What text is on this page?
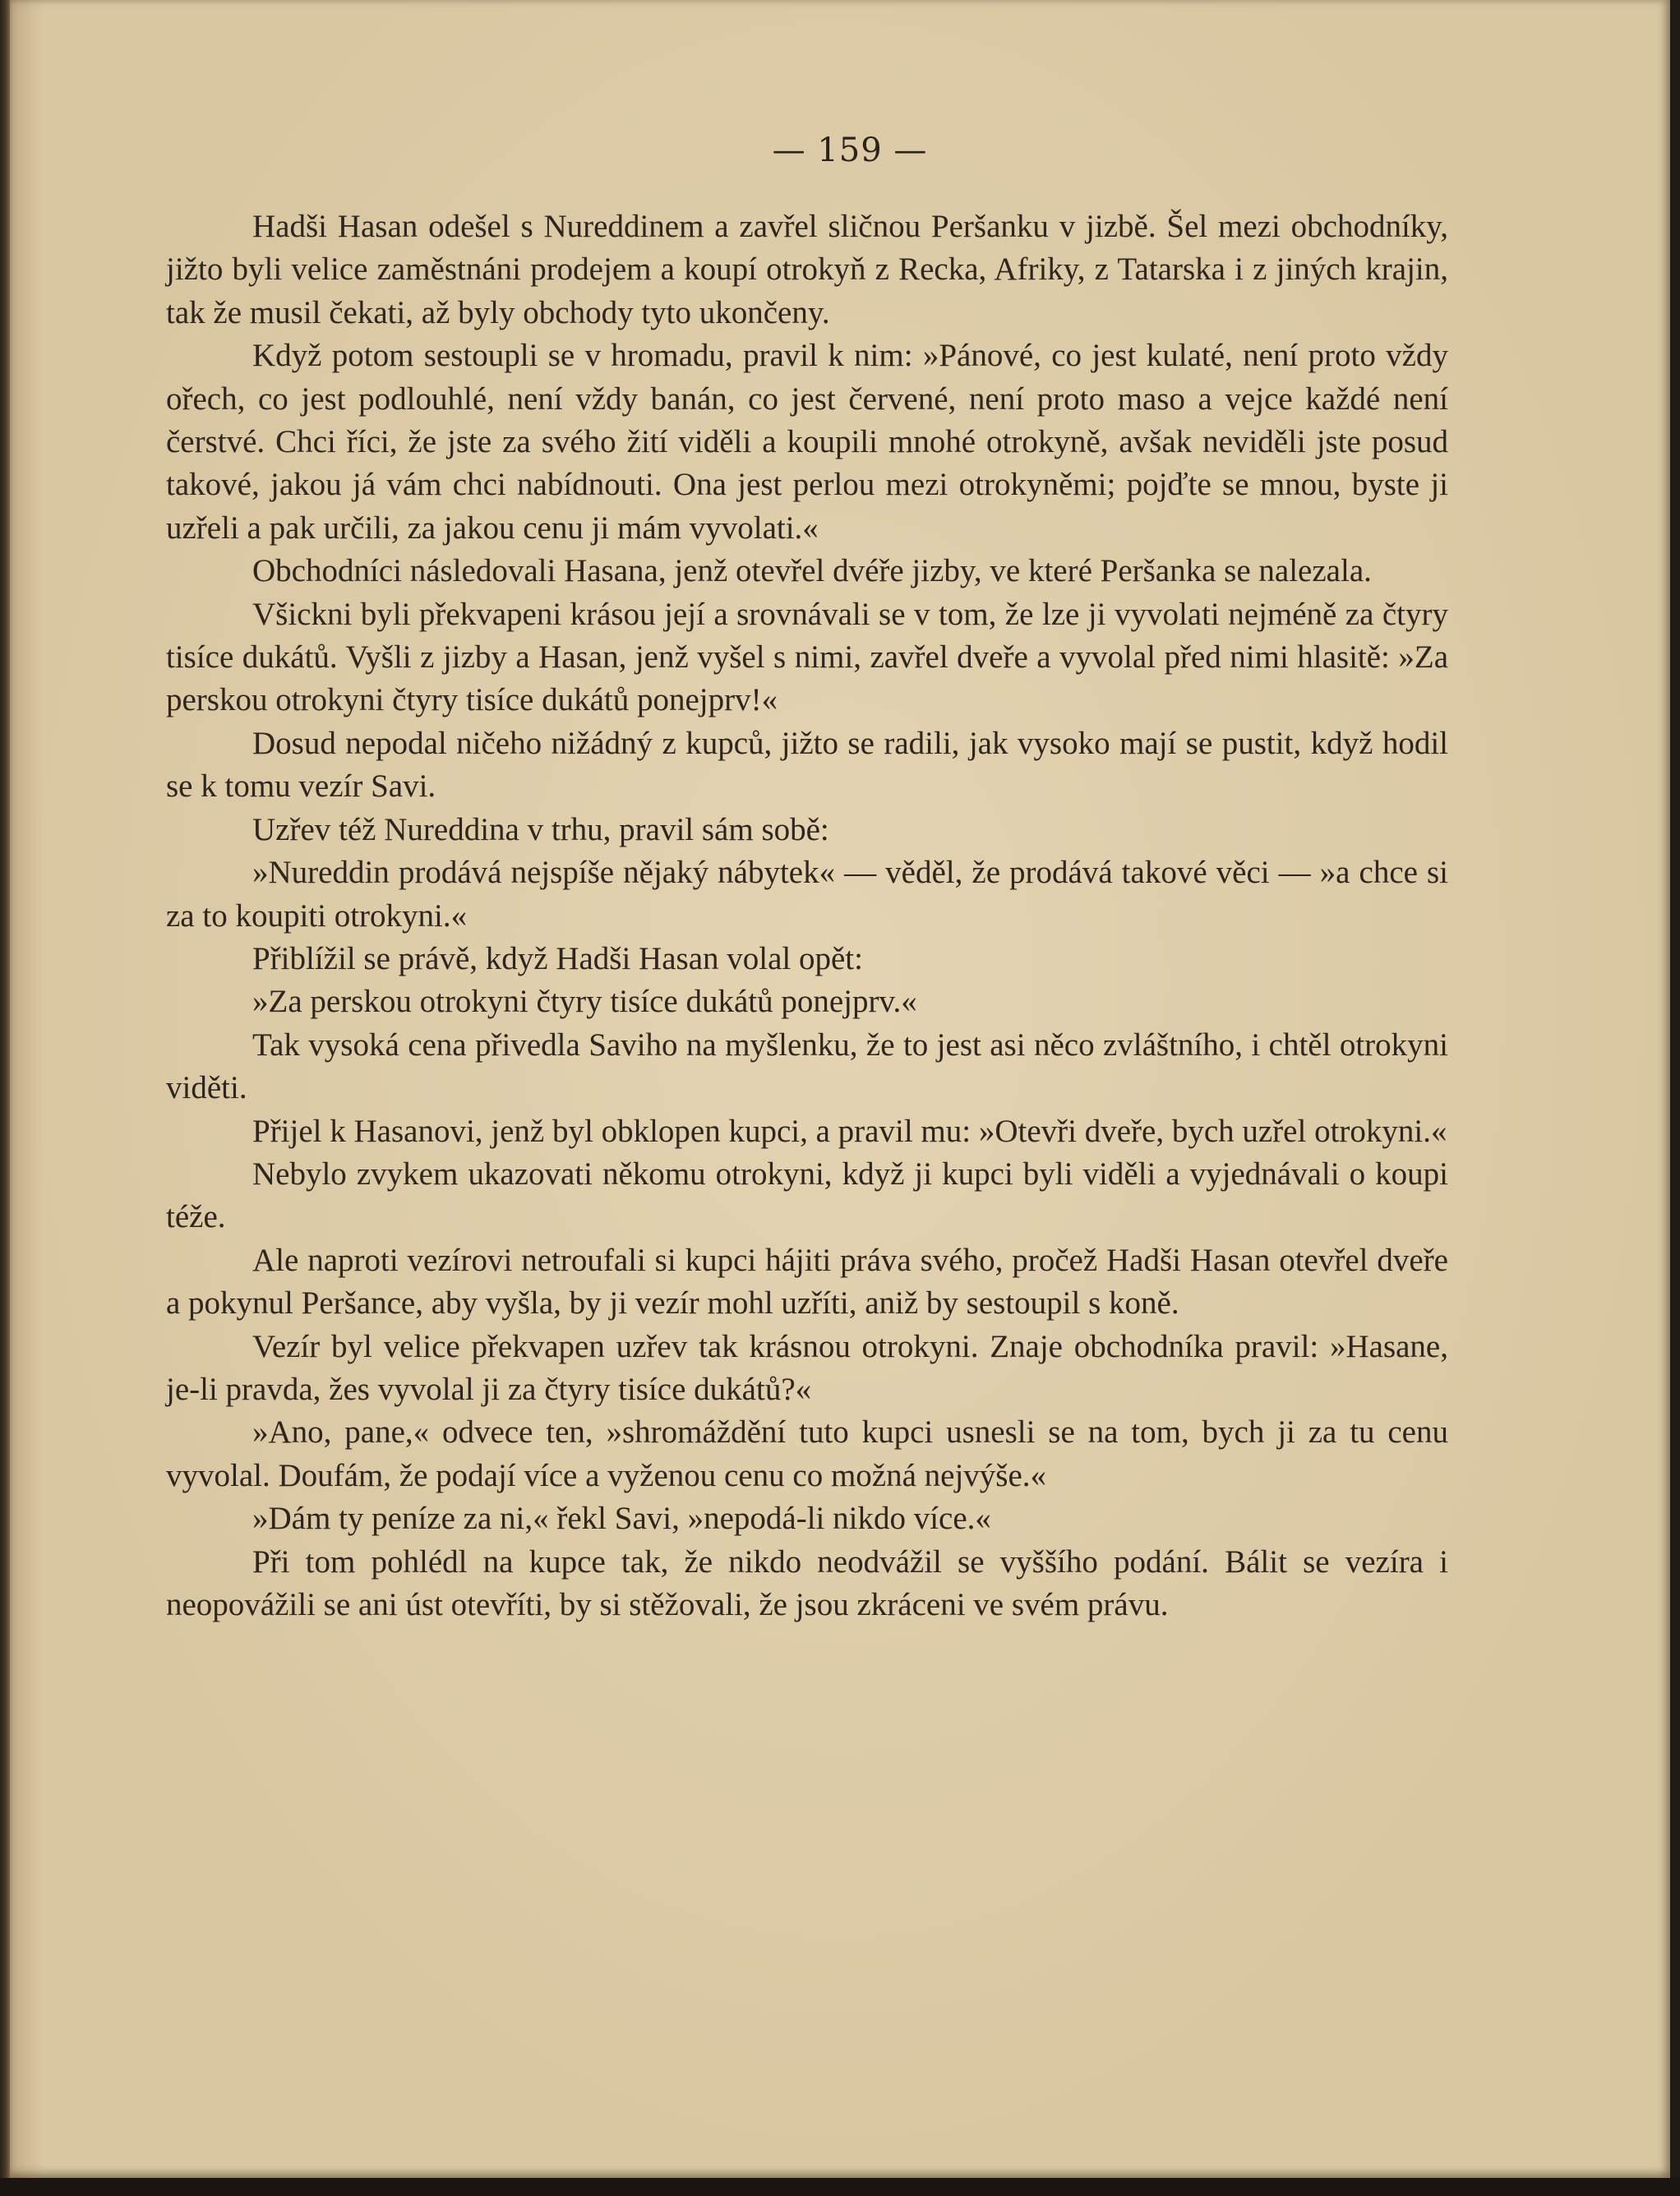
— 159 —

Hadši Hasan odešel s Nureddinem a zavřel sličnou Peršanku v jizbě. Šel mezi obchodníky, jižto byli velice zaměstnáni prodejem a koupí otrokyň z Recka, Afriky, z Tatarska i z jiných krajin, tak že musil čekati, až byly obchody tyto ukončeny.

Když potom sestoupli se v hromadu, pravil k nim: »Pánové, co jest kulaté, není proto vždy ořech, co jest podlouhlé, není vždy banán, co jest červené, není proto maso a vejce každé není čerstvé. Chci říci, že jste za svého žití viděli a koupili mnohé otrokyně, avšak neviděli jste posud takové, jakou já vám chci nabídnouti. Ona jest perlou mezi otrokyněmi; pojďte se mnou, byste ji uzřeli a pak určili, za jakou cenu ji mám vyvolati.«

Obchodníci následovali Hasana, jenž otevřel dvéře jizby, ve které Peršanka se nalezala.

Všickni byli překvapeni krásou její a srovnávali se v tom, že lze ji vyvolati nejméně za čtyry tisíce dukátů. Vyšli z jizby a Hasan, jenž vyšel s nimi, zavřel dveře a vyvolal před nimi hlasitě: »Za perskou otrokyni čtyry tisíce dukátů ponejprv!«

Dosud nepodal ničeho nižádný z kupců, jižto se radili, jak vysoko mají se pustit, když hodil se k tomu vezír Savi.

Uzřev též Nureddina v trhu, pravil sám sobě:

»Nureddin prodává nejspíše nějaký nábytek« — věděl, že prodává takové věci — »a chce si za to koupiti otrokyni.«

Přiblížil se právě, když Hadši Hasan volal opět:

»Za perskou otrokyni čtyry tisíce dukátů ponejprv.«

Tak vysoká cena přivedla Saviho na myšlenku, že to jest asi něco zvláštního, i chtěl otrokyni viděti.

Přijel k Hasanovi, jenž byl obklopen kupci, a pravil mu: »Otevři dveře, bych uzřel otrokyni.«

Nebylo zvykem ukazovati někomu otrokyni, když ji kupci byli viděli a vyjednávali o koupi téže.

Ale naproti vezírovi netroufali si kupci hájiti práva svého, pročež Hadši Hasan otevřel dveře a pokynul Peršance, aby vyšla, by ji vezír mohl uzříti, aniž by sestoupil s koně.

Vezír byl velice překvapen uzřev tak krásnou otrokyni. Znaje obchodníka pravil: »Hasane, je-li pravda, žes vyvolal ji za čtyry tisíce dukátů?«

»Ano, pane,« odvece ten, »shromáždění tuto kupci usnesli se na tom, bych ji za tu cenu vyvolal. Doufám, že podají více a vyženou cenu co možná nejvýše.«

»Dám ty peníze za ni,« řekl Savi, »nepodá-li nikdo více.«

Při tom pohlédl na kupce tak, že nikdo neodvážil se vyššího podání. Bálit se vezíra i neopovážili se ani úst otevříti, by si stěžovali, že jsou zkráceni ve svém právu.
